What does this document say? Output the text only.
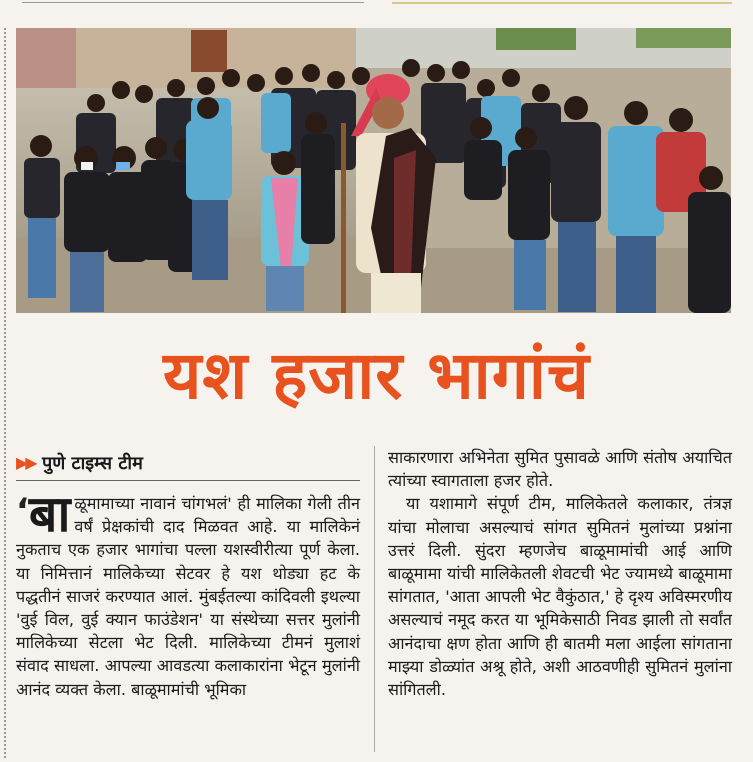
यश हजार भागांचं
▶▶ पुणे टाइम्स टीम
‘ बा ळूमामाच्या नावानं चांगभलं' ही मालिका गेली तीन वर्षं प्रेक्षकांची दाद मिळवत आहे. या मालिकेनं नुकताच एक हजार भागांचा पल्ला यशस्वीरीत्या पूर्ण केला. या निमित्तानं मालिकेच्या सेटवर हे यश थोड्या हट के पद्धतीनं साजरं करण्यात आलं. मुंबईतल्या कांदिवली इथल्या 'वुई विल, वुई क्यान फाउंडेशन' या संस्थेच्या सत्तर मुलांनी मालिकेच्या सेटला भेट दिली. मालिकेच्या टीमनं मुलाशं संवाद साधला. आपल्या आवडत्या कलाकारांना भेटून मुलांनी आनंद व्यक्त केला. बाळूमामांची भूमिका

साकारणारा अभिनेता सुमित पुसावळे आणि संतोष अयाचित त्यांच्या स्वागताला हजर होते.

या यशामागे संपूर्ण टीम, मालिकेतले कलाकार, तंत्रज्ञ यांचा मोलाचा असल्याचं सांगत सुमितनं मुलांच्या प्रश्नांना उत्तरं दिली. सुंदरा म्हणजेच बाळूमामांची आई आणि बाळूमामा यांची मालिकेतली शेवटची भेट ज्यामध्ये बाळूमामा सांगतात, 'आता आपली भेट वैकुंठात,' हे दृश्य अविस्मरणीय असल्याचं नमूद करत या भूमिकेसाठी निवड झाली तो सर्वांत आनंदाचा क्षण होता आणि ही बातमी मला आईला सांगताना माझ्या डोळ्यांत अश्रू होते, अशी आठवणीही सुमितनं मुलांना सांगितली.
